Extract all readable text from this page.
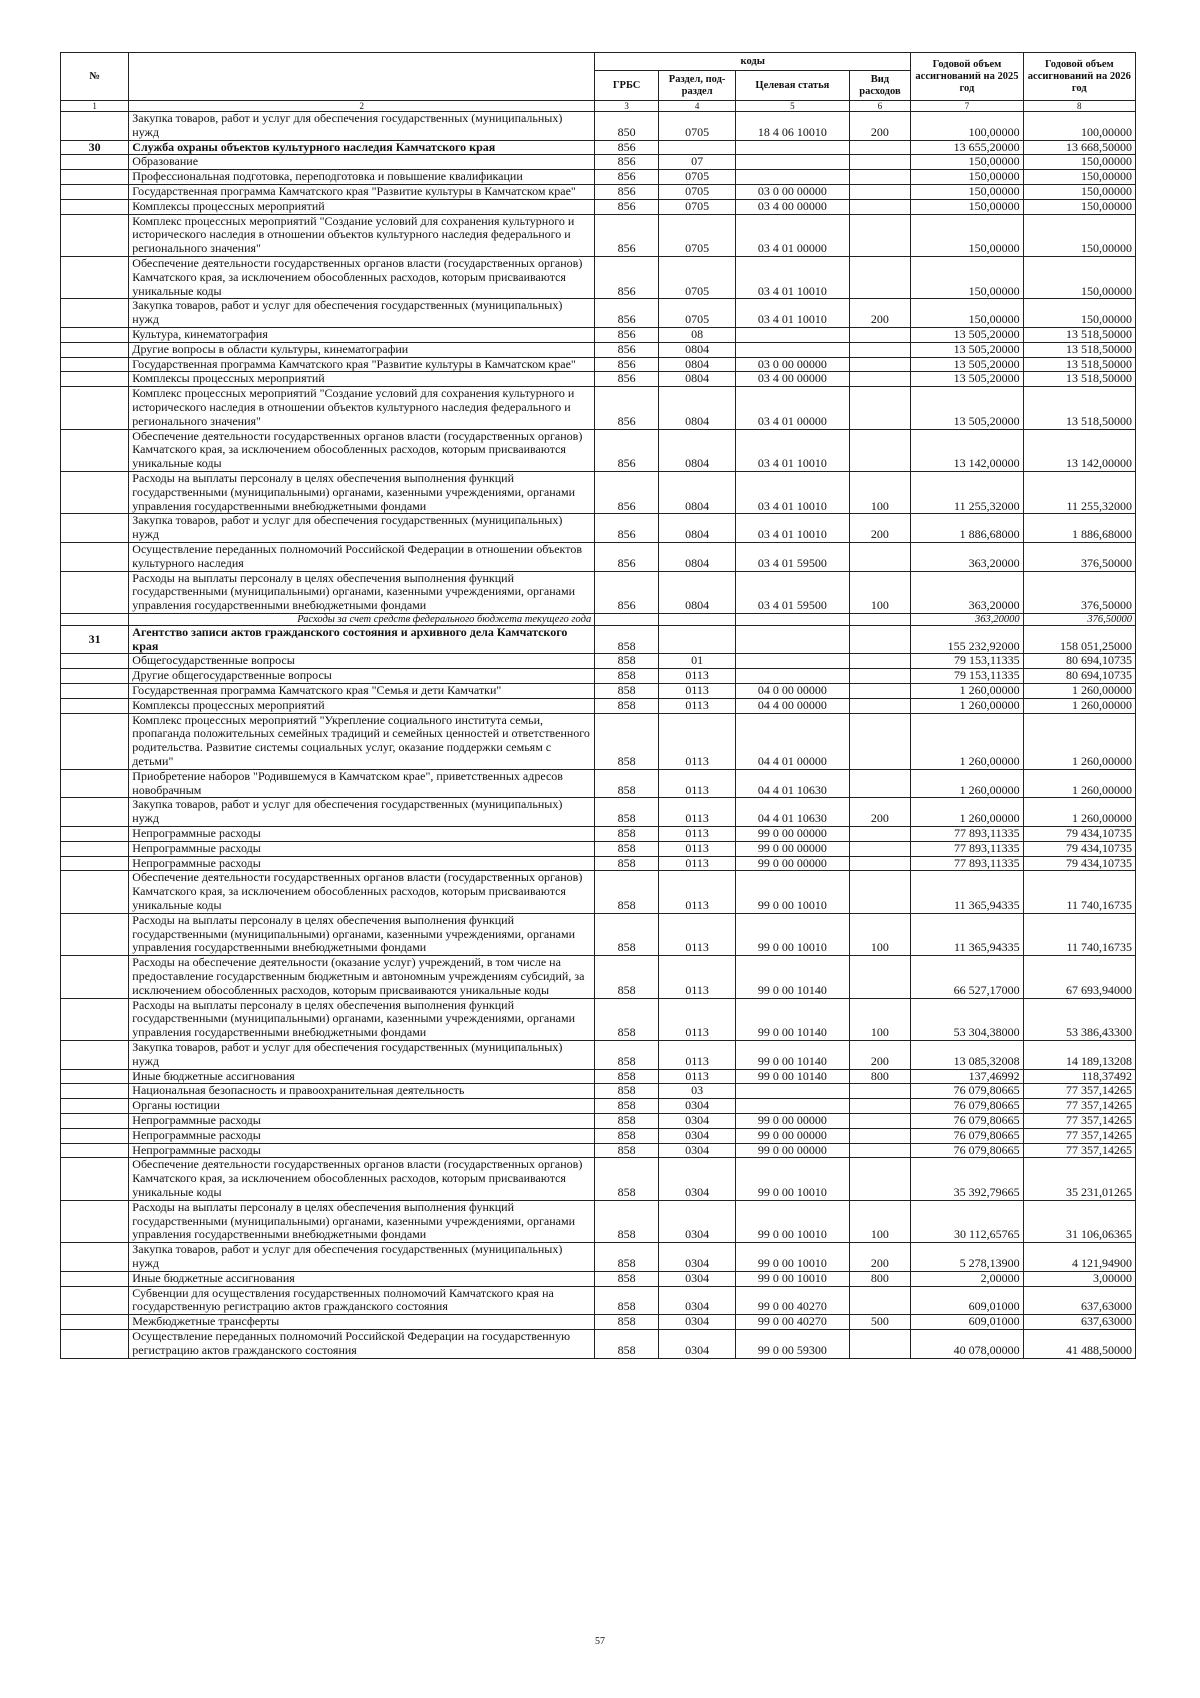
№		коды				Годовой объем ассигнований на 2025 год	Годовой объем ассигнований на 2026 год
		ГРБС	Раздел, под-раздел	Целевая статья	Вид расходов		
1	2	3	4	5	6	7	8
	Закупка товаров, работ и услуг для обеспечения государственных (муниципальных) нужд	850	0705	18 4 06 10010	200	100,00000	100,00000
30	Служба охраны объектов культурного наследия Камчатского края	856				13 655,20000	13 668,50000
	Образование	856	07			150,00000	150,00000
	Профессиональная подготовка, переподготовка и повышение квалификации	856	0705			150,00000	150,00000
	Государственная программа Камчатского края "Развитие культуры в Камчатском крае"	856	0705	03 0 00 00000		150,00000	150,00000
	Комплексы процессных мероприятий	856	0705	03 4 00 00000		150,00000	150,00000
	Комплекс процессных мероприятий "Создание условий для сохранения культурного и исторического наследия в отношении объектов культурного наследия федерального и регионального значения"	856	0705	03 4 01 00000		150,00000	150,00000
	Обеспечение деятельности государственных органов власти (государственных органов) Камчатского края, за исключением обособленных расходов, которым присваиваются уникальные коды	856	0705	03 4 01 10010		150,00000	150,00000
	Закупка товаров, работ и услуг для обеспечения государственных (муниципальных) нужд	856	0705	03 4 01 10010	200	150,00000	150,00000
	Культура, кинематография	856	08			13 505,20000	13 518,50000
	Другие вопросы в области культуры, кинематографии	856	0804			13 505,20000	13 518,50000
	Государственная программа Камчатского края "Развитие культуры в Камчатском крае"	856	0804	03 0 00 00000		13 505,20000	13 518,50000
	Комплексы процессных мероприятий	856	0804	03 4 00 00000		13 505,20000	13 518,50000
	Комплекс процессных мероприятий "Создание условий для сохранения культурного и исторического наследия в отношении объектов культурного наследия федерального и регионального значения"	856	0804	03 4 01 00000		13 505,20000	13 518,50000
	Обеспечение деятельности государственных органов власти (государственных органов) Камчатского края, за исключением обособленных расходов, которым присваиваются уникальные коды	856	0804	03 4 01 10010		13 142,00000	13 142,00000
	Расходы на выплаты персоналу в целях обеспечения выполнения функций государственными (муниципальными) органами, казенными учреждениями, органами управления государственными внебюджетными фондами	856	0804	03 4 01 10010	100	11 255,32000	11 255,32000
	Закупка товаров, работ и услуг для обеспечения государственных (муниципальных) нужд	856	0804	03 4 01 10010	200	1 886,68000	1 886,68000
	Осуществление переданных полномочий Российской Федерации в отношении объектов культурного наследия	856	0804	03 4 01 59500		363,20000	376,50000
	Расходы на выплаты персоналу в целях обеспечения выполнения функций государственными (муниципальными) органами, казенными учреждениями, органами управления государственными внебюджетными фондами	856	0804	03 4 01 59500	100	363,20000	376,50000
	Расходы за счет средств федерального бюджета текущего года					363,20000	376,50000
31	Агентство записи актов гражданского состояния и архивного дела Камчатского края	858				155 232,92000	158 051,25000
	Общегосударственные вопросы	858	01			79 153,11335	80 694,10735
	Другие общегосударственные вопросы	858	0113			79 153,11335	80 694,10735
	Государственная программа Камчатского края "Семья и дети Камчатки"	858	0113	04 0 00 00000		1 260,00000	1 260,00000
	Комплексы процессных мероприятий	858	0113	04 4 00 00000		1 260,00000	1 260,00000
	Комплекс процессных мероприятий "Укрепление социального института семьи, пропаганда положительных семейных традиций и семейных ценностей и ответственного родительства. Развитие системы социальных услуг, оказание поддержки семьям с детьми"	858	0113	04 4 01 00000		1 260,00000	1 260,00000
	Приобретение наборов "Родившемуся в Камчатском крае", приветственных адресов новобрачным	858	0113	04 4 01 10630		1 260,00000	1 260,00000
	Закупка товаров, работ и услуг для обеспечения государственных (муниципальных) нужд	858	0113	04 4 01 10630	200	1 260,00000	1 260,00000
	Непрограммные расходы	858	0113	99 0 00 00000		77 893,11335	79 434,10735
	Непрограммные расходы	858	0113	99 0 00 00000		77 893,11335	79 434,10735
	Непрограммные расходы	858	0113	99 0 00 00000		77 893,11335	79 434,10735
	Обеспечение деятельности государственных органов власти (государственных органов) Камчатского края, за исключением обособленных расходов, которым присваиваются уникальные коды	858	0113	99 0 00 10010		11 365,94335	11 740,16735
	Расходы на выплаты персоналу в целях обеспечения выполнения функций государственными (муниципальными) органами, казенными учреждениями, органами управления государственными внебюджетными фондами	858	0113	99 0 00 10010	100	11 365,94335	11 740,16735
	Расходы на обеспечение деятельности (оказание услуг) учреждений, в том числе на предоставление государственным бюджетным и автономным учреждениям субсидий, за исключением обособленных расходов, которым присваиваются уникальные коды	858	0113	99 0 00 10140		66 527,17000	67 693,94000
	Расходы на выплаты персоналу в целях обеспечения выполнения функций государственными (муниципальными) органами, казенными учреждениями, органами управления государственными внебюджетными фондами	858	0113	99 0 00 10140	100	53 304,38000	53 386,43300
	Закупка товаров, работ и услуг для обеспечения государственных (муниципальных) нужд	858	0113	99 0 00 10140	200	13 085,32008	14 189,13208
	Иные бюджетные ассигнования	858	0113	99 0 00 10140	800	137,46992	118,37492
	Национальная безопасность и правоохранительная деятельность	858	03			76 079,80665	77 357,14265
	Органы юстиции	858	0304			76 079,80665	77 357,14265
	Непрограммные расходы	858	0304	99 0 00 00000		76 079,80665	77 357,14265
	Непрограммные расходы	858	0304	99 0 00 00000		76 079,80665	77 357,14265
	Непрограммные расходы	858	0304	99 0 00 00000		76 079,80665	77 357,14265
	Обеспечение деятельности государственных органов власти (государственных органов) Камчатского края, за исключением обособленных расходов, которым присваиваются уникальные коды	858	0304	99 0 00 10010		35 392,79665	35 231,01265
	Расходы на выплаты персоналу в целях обеспечения выполнения функций государственными (муниципальными) органами, казенными учреждениями, органами управления государственными внебюджетными фондами	858	0304	99 0 00 10010	100	30 112,65765	31 106,06365
	Закупка товаров, работ и услуг для обеспечения государственных (муниципальных) нужд	858	0304	99 0 00 10010	200	5 278,13900	4 121,94900
	Иные бюджетные ассигнования	858	0304	99 0 00 10010	800	2,00000	3,00000
	Субвенции для осуществления государственных полномочий Камчатского края на государственную регистрацию актов гражданского состояния	858	0304	99 0 00 40270		609,01000	637,63000
	Межбюджетные трансферты	858	0304	99 0 00 40270	500	609,01000	637,63000
	Осуществление переданных полномочий Российской Федерации на государственную регистрацию актов гражданского состояния	858	0304	99 0 00 59300		40 078,00000	41 488,50000
57
